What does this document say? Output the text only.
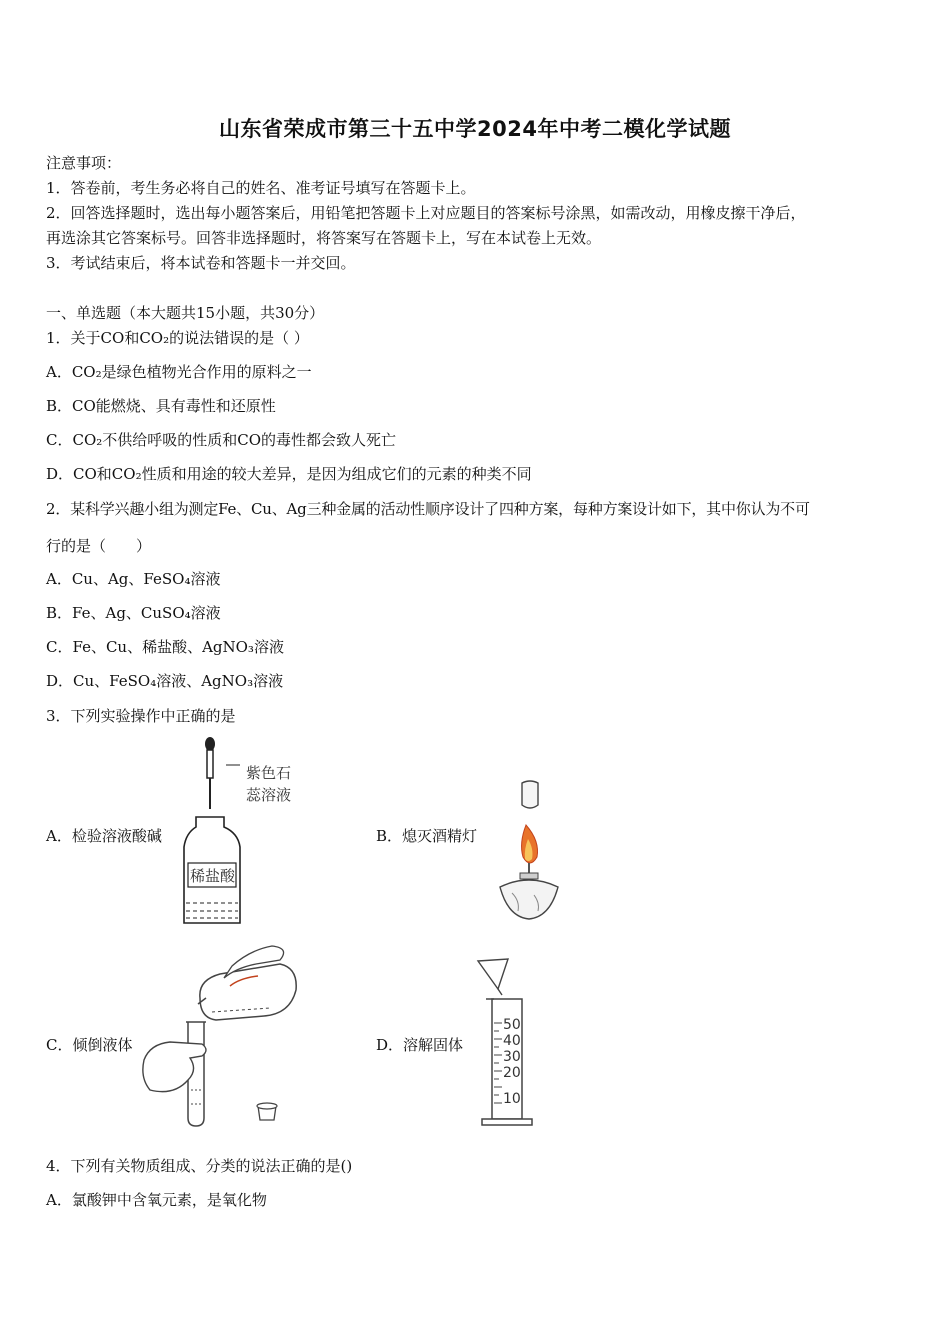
山东省荣成市第三十五中学2024年中考二模化学试题
注意事项：
1．答卷前，考生务必将自己的姓名、准考证号填写在答题卡上。
2．回答选择题时，选出每小题答案后，用铅笔把答题卡上对应题目的答案标号涂黑，如需改动，用橡皮擦干净后，
再选涂其它答案标号。回答非选择题时，将答案写在答题卡上，写在本试卷上无效。
3．考试结束后，将本试卷和答题卡一并交回。
一、单选题（本大题共15小题，共30分）
1．关于CO和CO₂的说法错误的是（ ）
A．CO₂是绿色植物光合作用的原料之一
B．CO能燃烧、具有毒性和还原性
C．CO₂不供给呼吸的性质和CO的毒性都会致人死亡
D．CO和CO₂性质和用途的较大差异，是因为组成它们的元素的种类不同
2．某科学兴趣小组为测定Fe、Cu、Ag三种金属的活动性顺序设计了四种方案，每种方案设计如下，其中你认为不可
行的是（　　）
A．Cu、Ag、FeSO₄溶液
B．Fe、Ag、CuSO₄溶液
C．Fe、Cu、稀盐酸、AgNO₃溶液
D．Cu、FeSO₄溶液、AgNO₃溶液
3．下列实验操作中正确的是
A．检验溶液酸碱	B．熄灭酒精灯
C．倾倒液体	D．溶解固体
紫色石
蕊溶液
稀盐酸
50
40
30
20
10
4．下列有关物质组成、分类的说法正确的是()
A．氯酸钾中含氧元素，是氧化物
